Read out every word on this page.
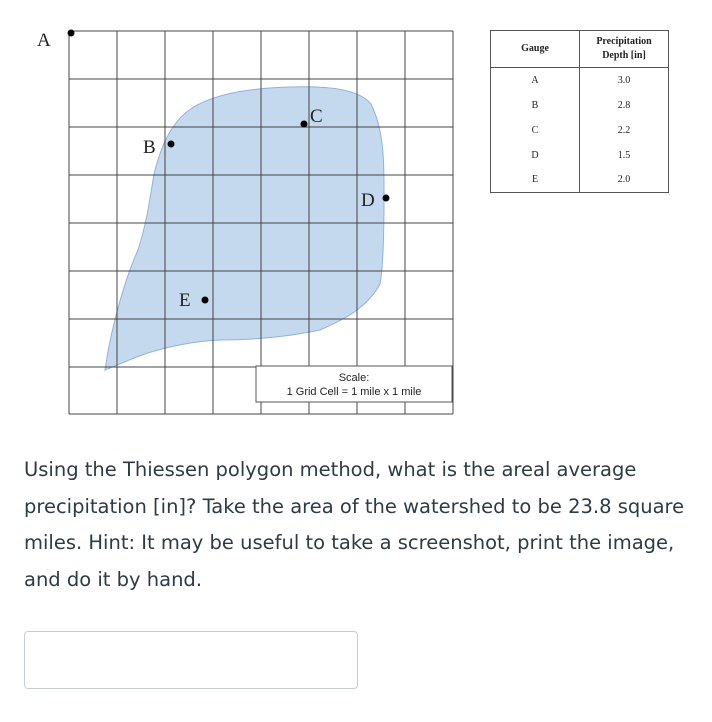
A
B
C
D
E
Scale:
1 Grid Cell = 1 mile x 1 mile
Gauge	Precipitation
Depth [in]
A	3.0
B	2.8
C	2.2
D	1.5
E	2.0

Using the Thiessen polygon method, what is the areal average precipitation [in]? Take the area of the watershed to be 23.8 square miles. Hint: It may be useful to take a screenshot, print the image, and do it by hand.
